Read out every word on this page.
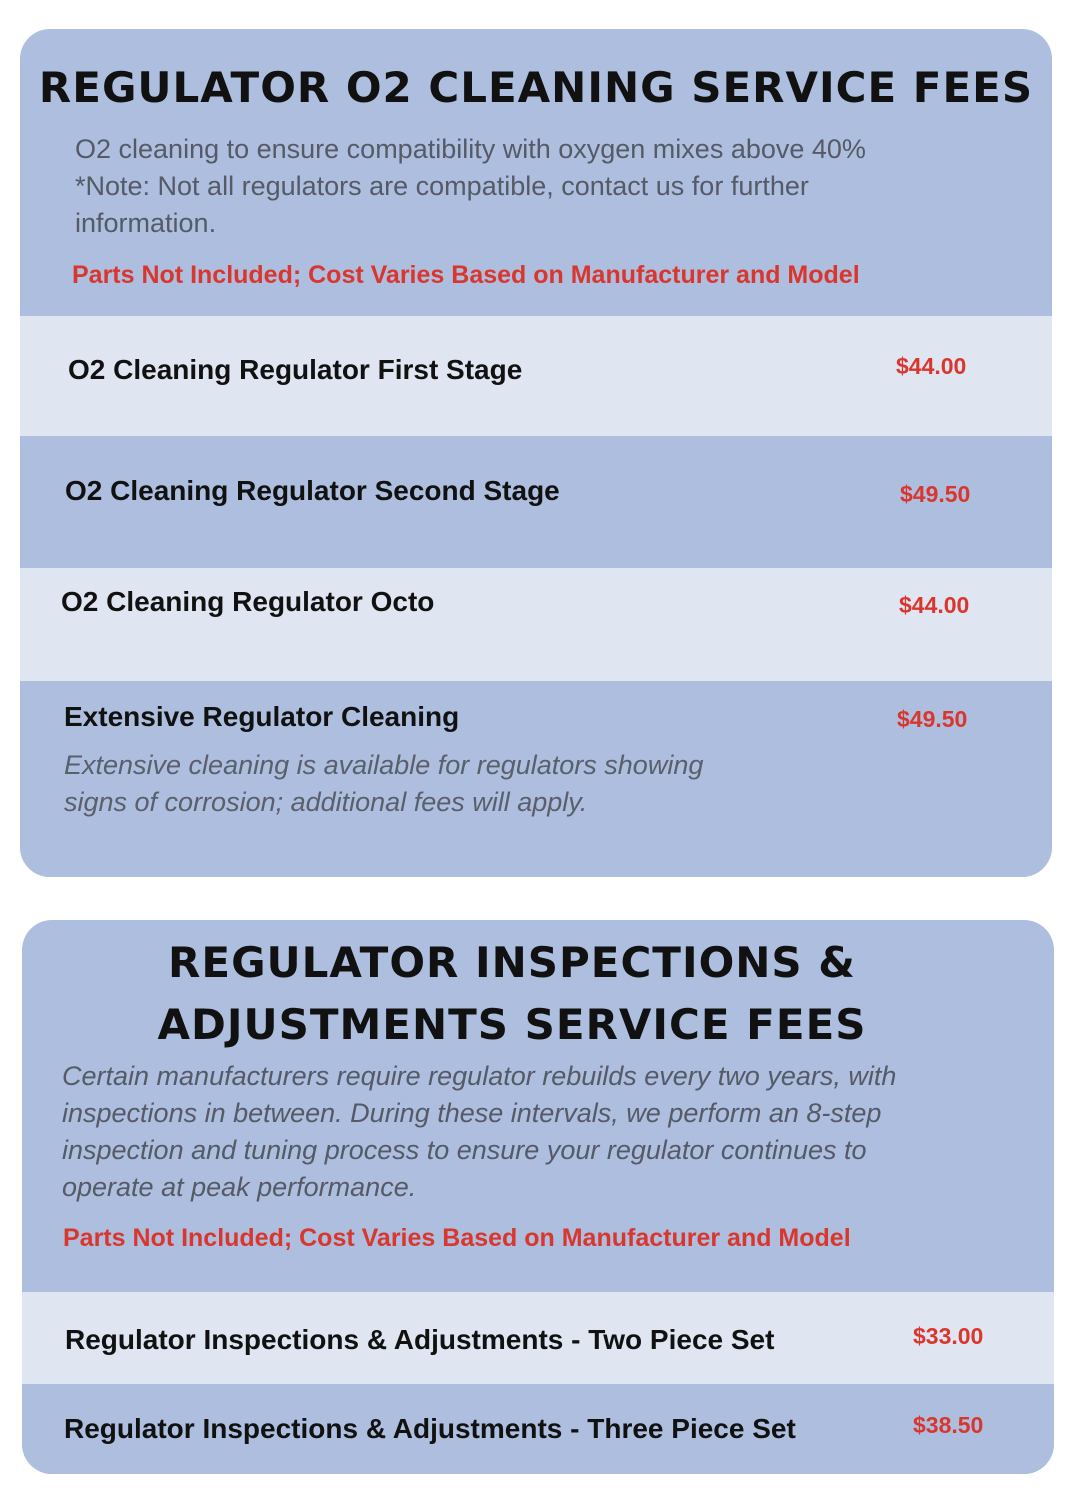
REGULATOR O2 CLEANING SERVICE FEES

O2 cleaning to ensure compatibility with oxygen mixes above 40%
*Note: Not all regulators are compatible, contact us for further
information.

Parts Not Included; Cost Varies Based on Manufacturer and Model

O2 Cleaning Regulator First Stage	$44.00

O2 Cleaning Regulator Second Stage	$49.50

O2 Cleaning Regulator Octo	$44.00

Extensive Regulator Cleaning	$49.50

Extensive cleaning is available for regulators showing
signs of corrosion; additional fees will apply.

REGULATOR INSPECTIONS &
ADJUSTMENTS SERVICE FEES

Certain manufacturers require regulator rebuilds every two years, with
inspections in between. During these intervals, we perform an 8-step
inspection and tuning process to ensure your regulator continues to
operate at peak performance.

Parts Not Included; Cost Varies Based on Manufacturer and Model

Regulator Inspections & Adjustments - Two Piece Set	$33.00

Regulator Inspections & Adjustments - Three Piece Set	$38.50
